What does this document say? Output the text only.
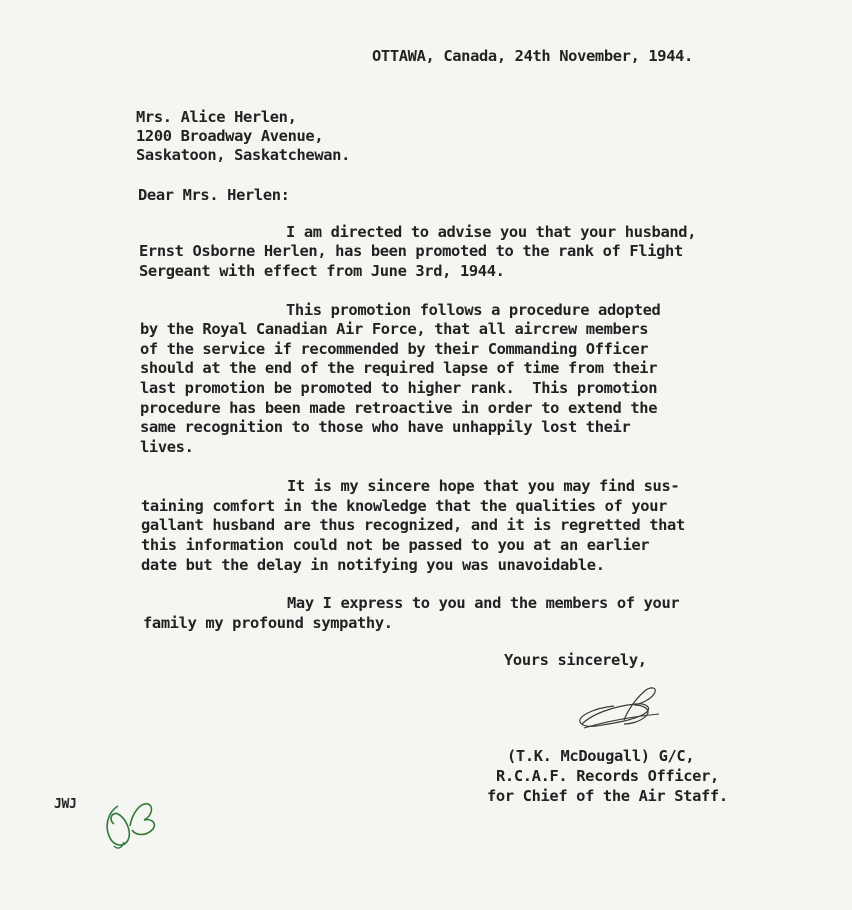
OTTAWA, Canada, 24th November, 1944.
Mrs. Alice Herlen,
1200 Broadway Avenue,
Saskatoon, Saskatchewan.
Dear Mrs. Herlen:
I am directed to advise you that your husband,
Ernst Osborne Herlen, has been promoted to the rank of Flight
Sergeant with effect from June 3rd, 1944.
This promotion follows a procedure adopted
by the Royal Canadian Air Force, that all aircrew members
of the service if recommended by their Commanding Officer
should at the end of the required lapse of time from their
last promotion be promoted to higher rank.  This promotion
procedure has been made retroactive in order to extend the
same recognition to those who have unhappily lost their
lives.
It is my sincere hope that you may find sus-
taining comfort in the knowledge that the qualities of your
gallant husband are thus recognized, and it is regretted that
this information could not be passed to you at an earlier
date but the delay in notifying you was unavoidable.
May I express to you and the members of your
family my profound sympathy.
Yours sincerely,
(T.K. McDougall) G/C,
R.C.A.F. Records Officer,
for Chief of the Air Staff.
JWJ
